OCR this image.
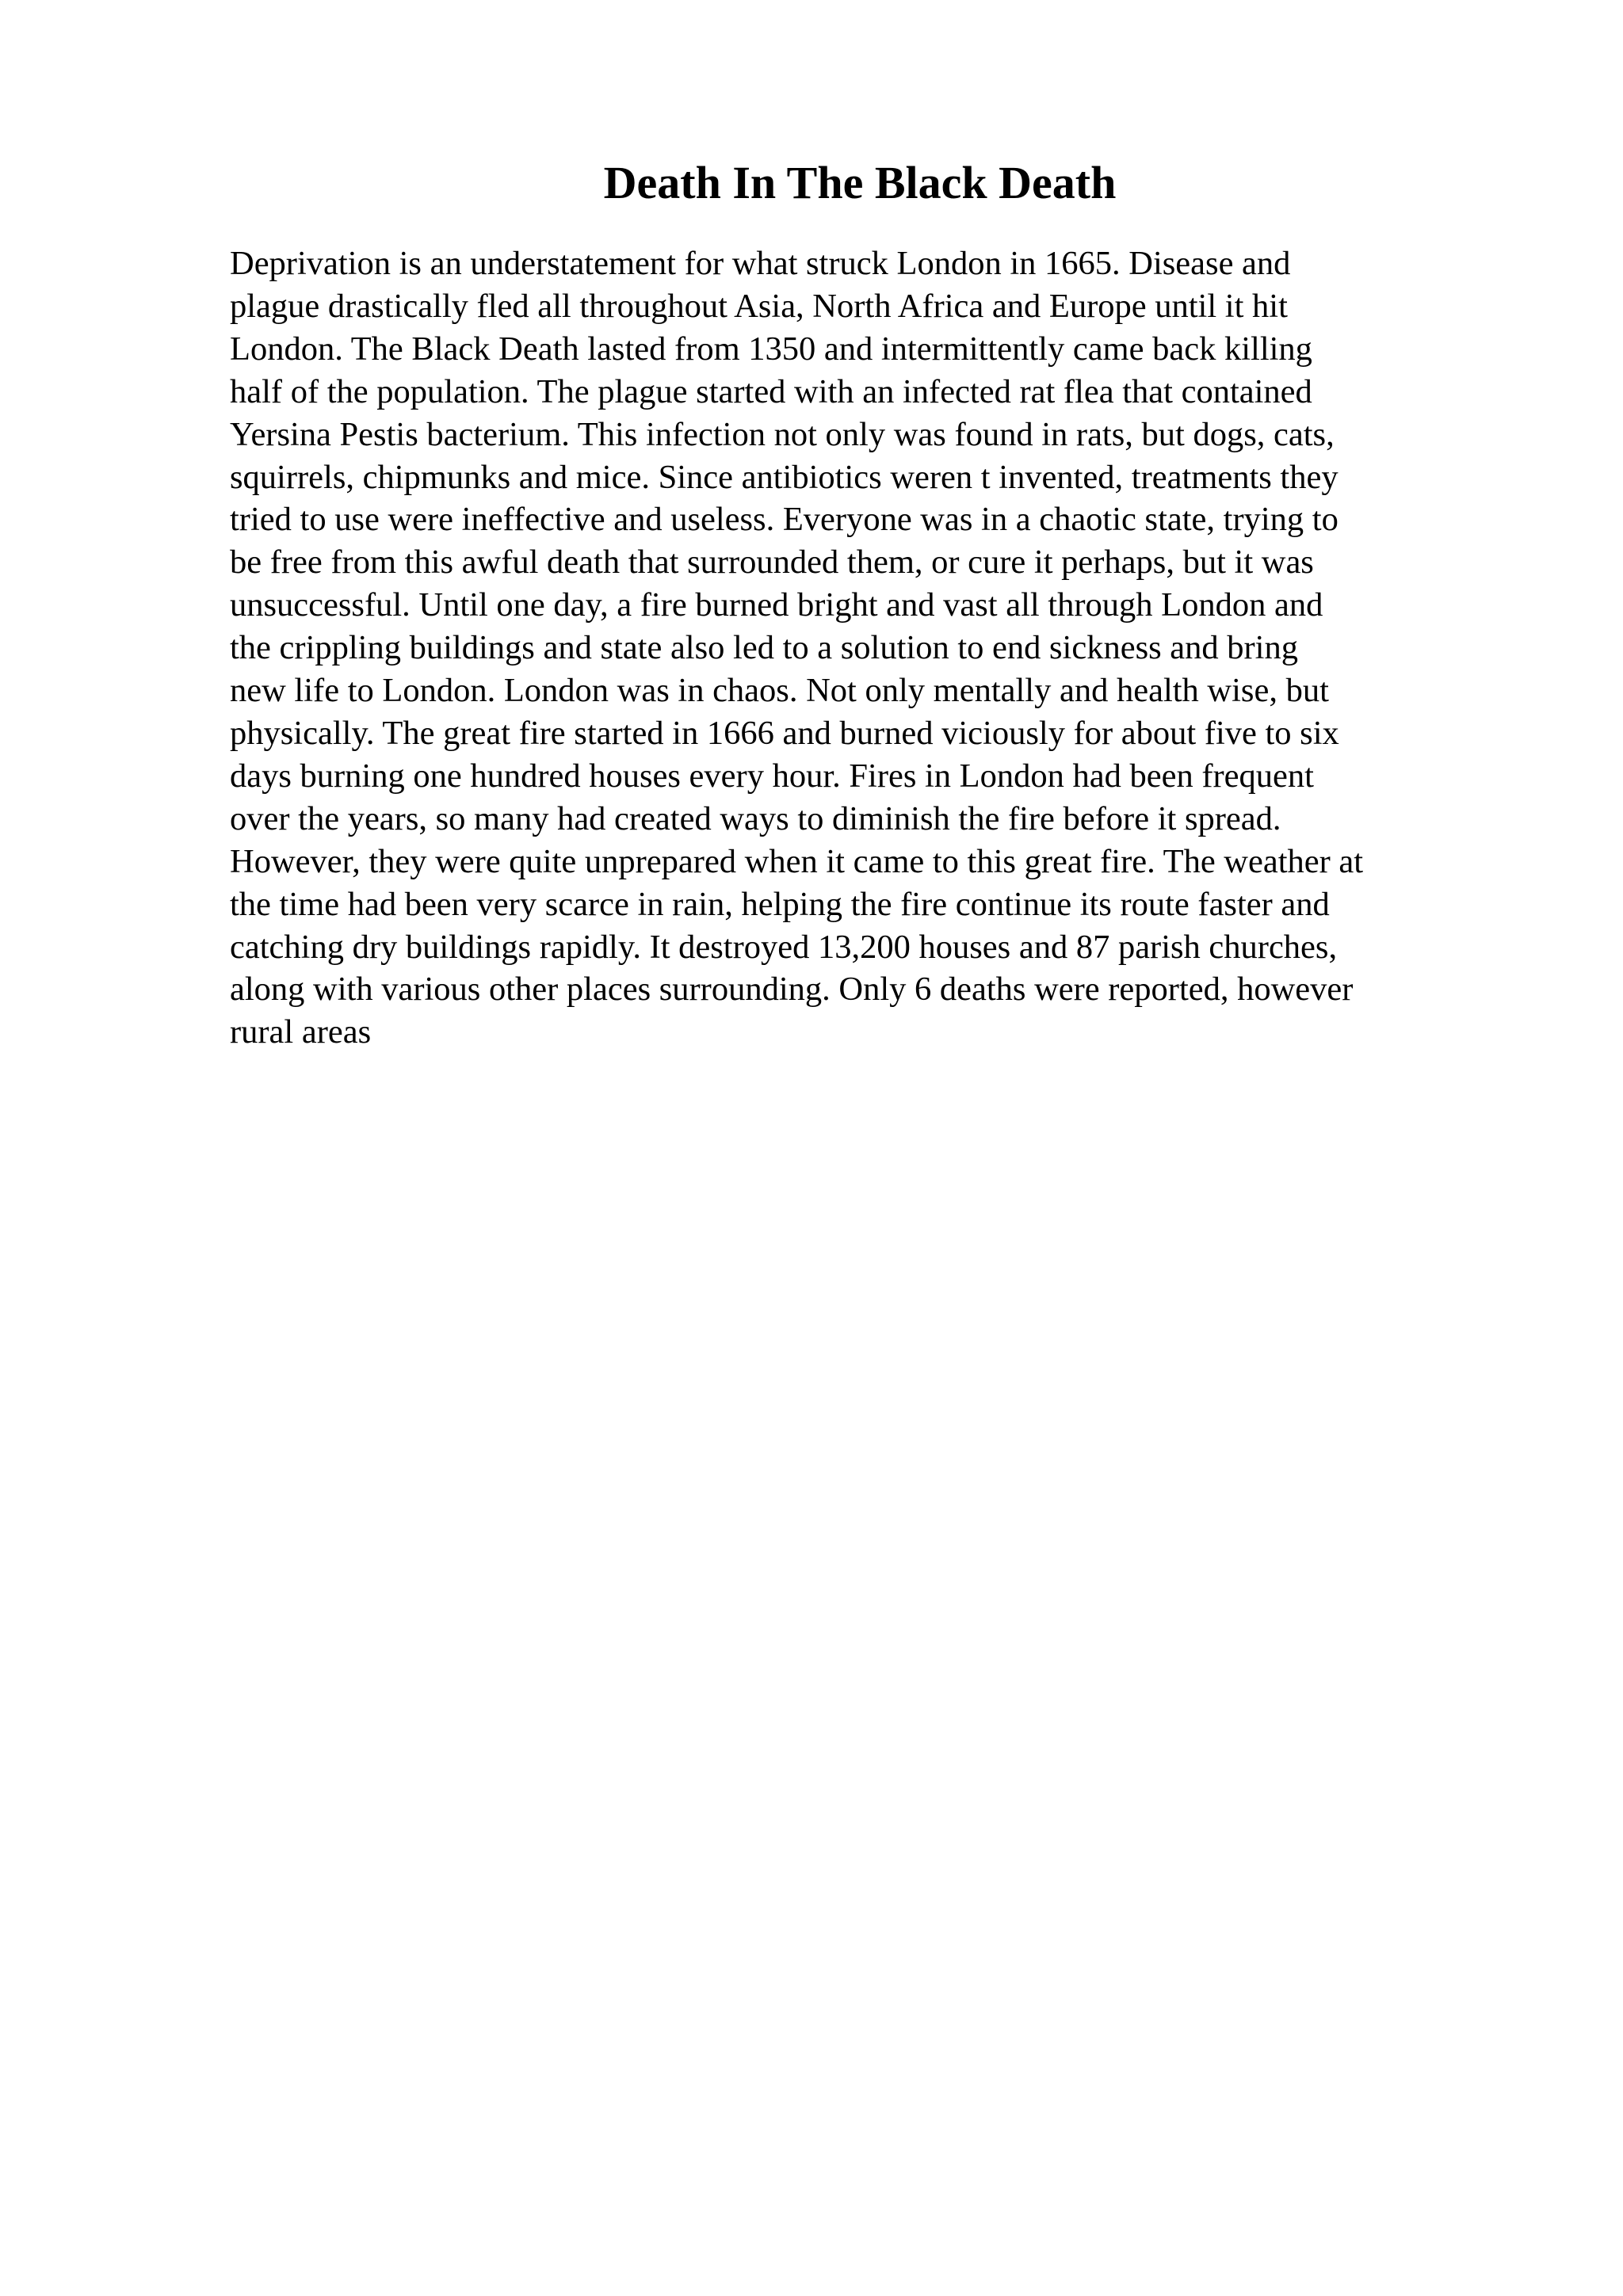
Death In The Black Death
Deprivation is an understatement for what struck London in 1665. Disease and
plague drastically fled all throughout Asia, North Africa and Europe until it hit
London. The Black Death lasted from 1350 and intermittently came back killing
half of the population. The plague started with an infected rat flea that contained
Yersina Pestis bacterium. This infection not only was found in rats, but dogs, cats,
squirrels, chipmunks and mice. Since antibiotics weren t invented, treatments they
tried to use were ineffective and useless. Everyone was in a chaotic state, trying to
be free from this awful death that surrounded them, or cure it perhaps, but it was
unsuccessful. Until one day, a fire burned bright and vast all through London and
the crippling buildings and state also led to a solution to end sickness and bring
new life to London. London was in chaos. Not only mentally and health wise, but
physically. The great fire started in 1666 and burned viciously for about five to six
days burning one hundred houses every hour. Fires in London had been frequent
over the years, so many had created ways to diminish the fire before it spread.
However, they were quite unprepared when it came to this great fire. The weather at
the time had been very scarce in rain, helping the fire continue its route faster and
catching dry buildings rapidly. It destroyed 13,200 houses and 87 parish churches,
along with various other places surrounding. Only 6 deaths were reported, however
rural areas
